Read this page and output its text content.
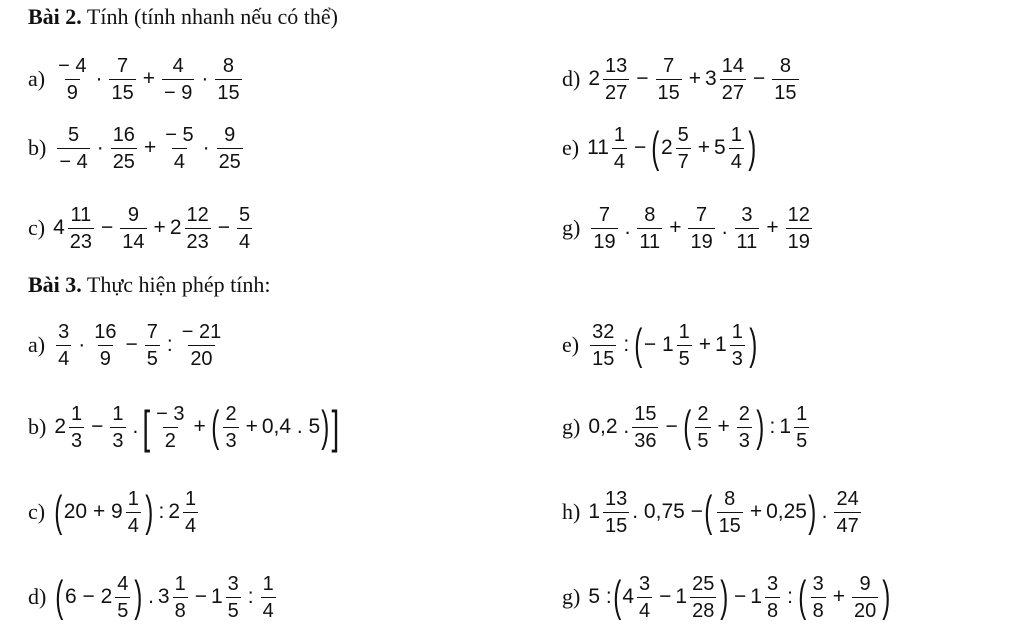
Bài 2. Tính (tính nhanh nếu có thể)
$a) \frac{- 4}{9} \cdot \frac{7}{15} + \frac{4}{- 9} \cdot \frac{8}{15}$
$b) \frac{5}{- 4} \cdot \frac{16}{25} + \frac{- 5}{4} \cdot \frac{9}{25}$
c) $4 \frac{11}{23} - \frac{9}{14} + 2 \frac{12}{23} - \frac{5}{4}$
d) $2 \frac{13}{27} - \frac{7}{15} + 3 \frac{14}{27} - \frac{8}{15}$
e) $11 \frac{1}{4}$ − ( $2 \frac{5}{7} + 5 \frac{1}{4}$ )
$g) \frac{7}{19}$ . $\frac{8}{11} + \frac{7}{19}$ . $\frac{3}{11} + \frac{12}{19}$
Bài 3. Thực hiện phép tính:
$a) \frac{3}{4} \cdot \frac{16}{9} - \frac{7}{5}$ : $\frac{- 21}{20}$
b) $2 \frac{1}{3} - \frac{1}{3}$ . [ $\frac{- 3}{2}$ + ( $\frac{2}{3} + 0,4$ . 5 ) ]
c) ( $20 + 9 \frac{1}{4}$ ) : $2 \frac{1}{4}$
d) ( $6 - 2 \frac{4}{5}$ ) . $3 \frac{1}{8} - 1 \frac{3}{5}$ : $\frac{1}{4}$
$e) \frac{32}{15}$ : ( − $1 \frac{1}{5} + 1 \frac{1}{3}$ )
g) 0,2 . $\frac{15}{36}$ − ( $\frac{2}{5} + \frac{2}{3}$ ) : $1 \frac{1}{5}$
h) $1 \frac{13}{15}$ . 0,75 − ( $\frac{8}{15} + 0,25$ ) . $\frac{24}{47}$
g) 5 : ( $4 \frac{3}{4} - 1 \frac{25}{28}$ ) − $1 \frac{3}{8}$ : ( $\frac{3}{8} + \frac{9}{20}$ )
